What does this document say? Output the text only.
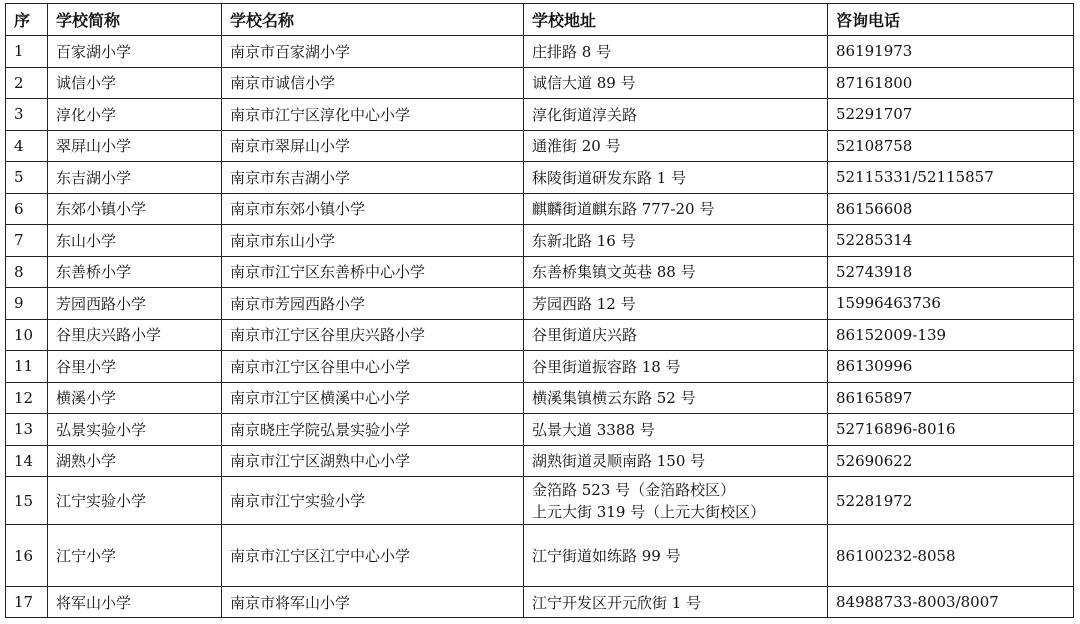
序	学校简称	学校名称	学校地址	咨询电话
1	百家湖小学	南京市百家湖小学	庄排路 8 号	86191973
2	诚信小学	南京市诚信小学	诚信大道 89 号	87161800
3	淳化小学	南京市江宁区淳化中心小学	淳化街道淳关路	52291707
4	翠屏山小学	南京市翠屏山小学	通淮街 20 号	52108758
5	东吉湖小学	南京市东吉湖小学	秣陵街道研发东路 1 号	52115331/52115857
6	东郊小镇小学	南京市东郊小镇小学	麒麟街道麒东路 777-20 号	86156608
7	东山小学	南京市东山小学	东新北路 16 号	52285314
8	东善桥小学	南京市江宁区东善桥中心小学	东善桥集镇文英巷 88 号	52743918
9	芳园西路小学	南京市芳园西路小学	芳园西路 12 号	15996463736
10	谷里庆兴路小学	南京市江宁区谷里庆兴路小学	谷里街道庆兴路	86152009-139
11	谷里小学	南京市江宁区谷里中心小学	谷里街道振容路 18 号	86130996
12	横溪小学	南京市江宁区横溪中心小学	横溪集镇横云东路 52 号	86165897
13	弘景实验小学	南京晓庄学院弘景实验小学	弘景大道 3388 号	52716896-8016
14	湖熟小学	南京市江宁区湖熟中心小学	湖熟街道灵顺南路 150 号	52690622
15	江宁实验小学	南京市江宁实验小学	金箔路 523 号（金箔路校区）
上元大街 319 号（上元大街校区）	52281972
16	江宁小学	南京市江宁区江宁中心小学	江宁街道如练路 99 号	86100232-8058
17	将军山小学	南京市将军山小学	江宁开发区开元欣街 1 号	84988733-8003/8007
